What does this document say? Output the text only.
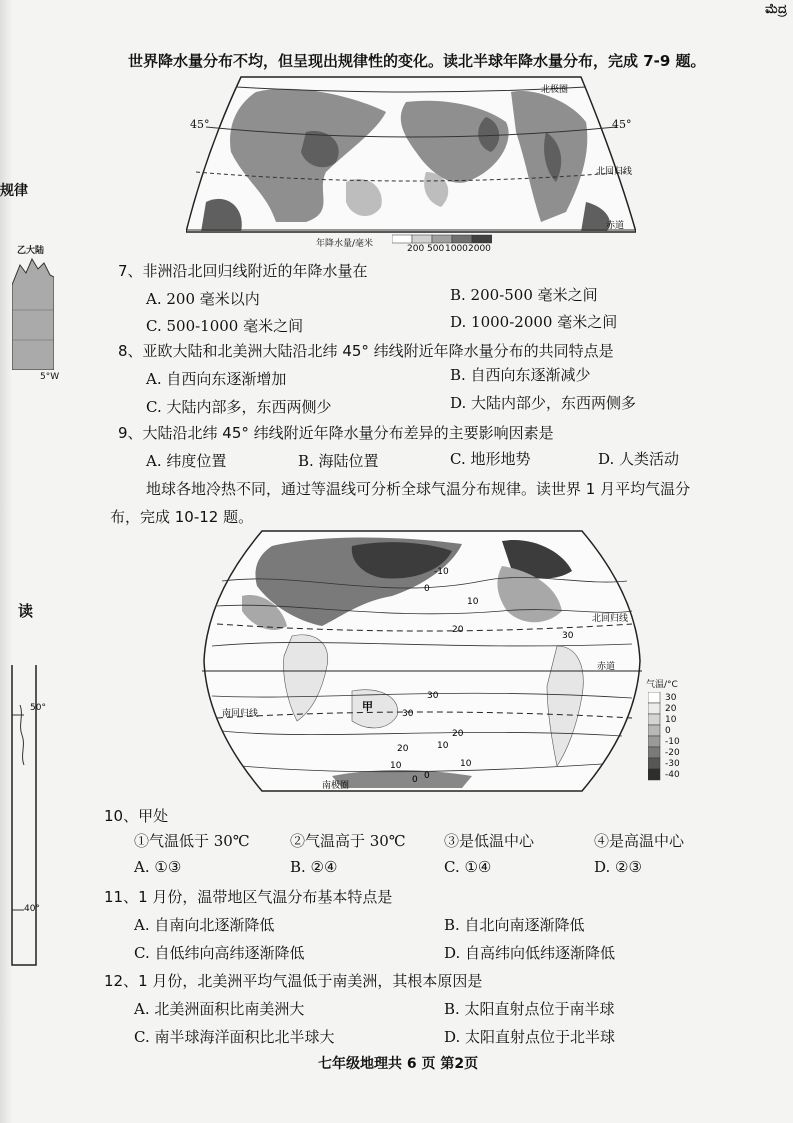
ಮೆದ್ರ
世界降水量分布不均，但呈现出规律性的变化。读北半球年降水量分布，完成 7-9 题。
北极圈
北回归线
赤道
45°	45°
年降水量/毫米	200 500 1000 2000
规律
乙大陆
5°W
读
50°
40°
7、非洲沿北回归线附近的年降水量在
A. 200 毫米以内	B. 200-500 毫米之间
C. 500-1000 毫米之间	D. 1000-2000 毫米之间
8、亚欧大陆和北美洲大陆沿北纬 45° 纬线附近年降水量分布的共同特点是
A. 自西向东逐渐增加	B. 自西向东逐渐减少
C. 大陆内部多，东西两侧少	D. 大陆内部少，东西两侧多
9、大陆沿北纬 45° 纬线附近年降水量分布差异的主要影响因素是
A. 纬度位置	B. 海陆位置	C. 地形地势	D. 人类活动
地球各地冷热不同，通过等温线可分析全球气温分布规律。读世界 1 月平均气温分
布，完成 10-12 题。
北回归线
赤道
南回归线
南极圈
甲
-10
0
10
20
30
20
10
0
10
30
30
20
10
0
气温/°C
30
20
10
0
-10
-20
-30
-40
10、甲处
①气温低于 30℃	②气温高于 30℃	③是低温中心	④是高温中心
A. ①③	B. ②④	C. ①④	D. ②③
11、1 月份，温带地区气温分布基本特点是
A. 自南向北逐渐降低	B. 自北向南逐渐降低
C. 自低纬向高纬逐渐降低	D. 自高纬向低纬逐渐降低
12、1 月份，北美洲平均气温低于南美洲，其根本原因是
A. 北美洲面积比南美洲大	B. 太阳直射点位于南半球
C. 南半球海洋面积比北半球大	D. 太阳直射点位于北半球
七年级地理共 6 页 第2页
